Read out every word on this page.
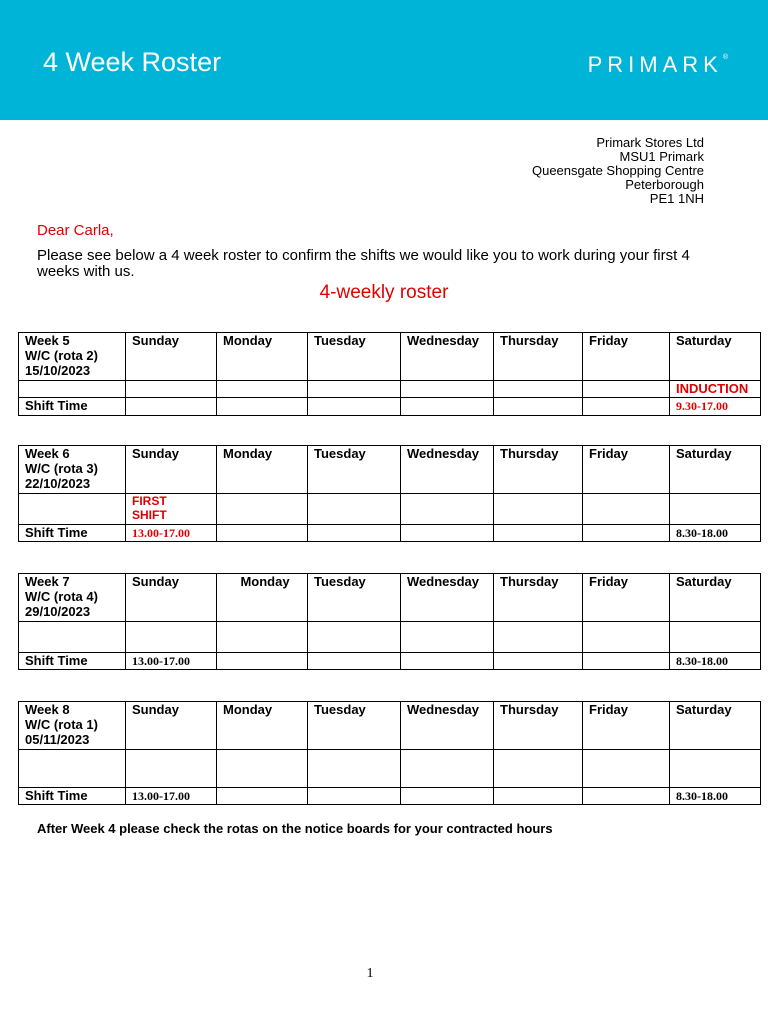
4 Week Roster	PRIMARK®
Primark Stores Ltd
MSU1 Primark
Queensgate Shopping Centre
Peterborough
PE1 1NH
Dear Carla,
Please see below a 4 week roster to confirm the shifts we would like you to work during your first 4 weeks with us.
4-weekly roster
Week 5
W/C (rota 2)
15/10/2023	Sunday	Monday	Tuesday	Wednesday	Thursday	Friday	Saturday
							INDUCTION
Shift Time							9.30-17.00
Week 6
W/C (rota 3)
22/10/2023	Sunday	Monday	Tuesday	Wednesday	Thursday	Friday	Saturday

	FIRST SHIFT						

Shift Time	13.00-17.00						8.30-18.00
Week 7
W/C (rota 4)
29/10/2023	Sunday	Monday	Tuesday	Wednesday	Thursday	Friday	Saturday

Shift Time	13.00-17.00						8.30-18.00
Week 8
W/C (rota 1)
05/11/2023	Sunday	Monday	Tuesday	Wednesday	Thursday	Friday	Saturday

Shift Time	13.00-17.00						8.30-18.00
After Week 4 please check the rotas on the notice boards for your contracted hours
1
